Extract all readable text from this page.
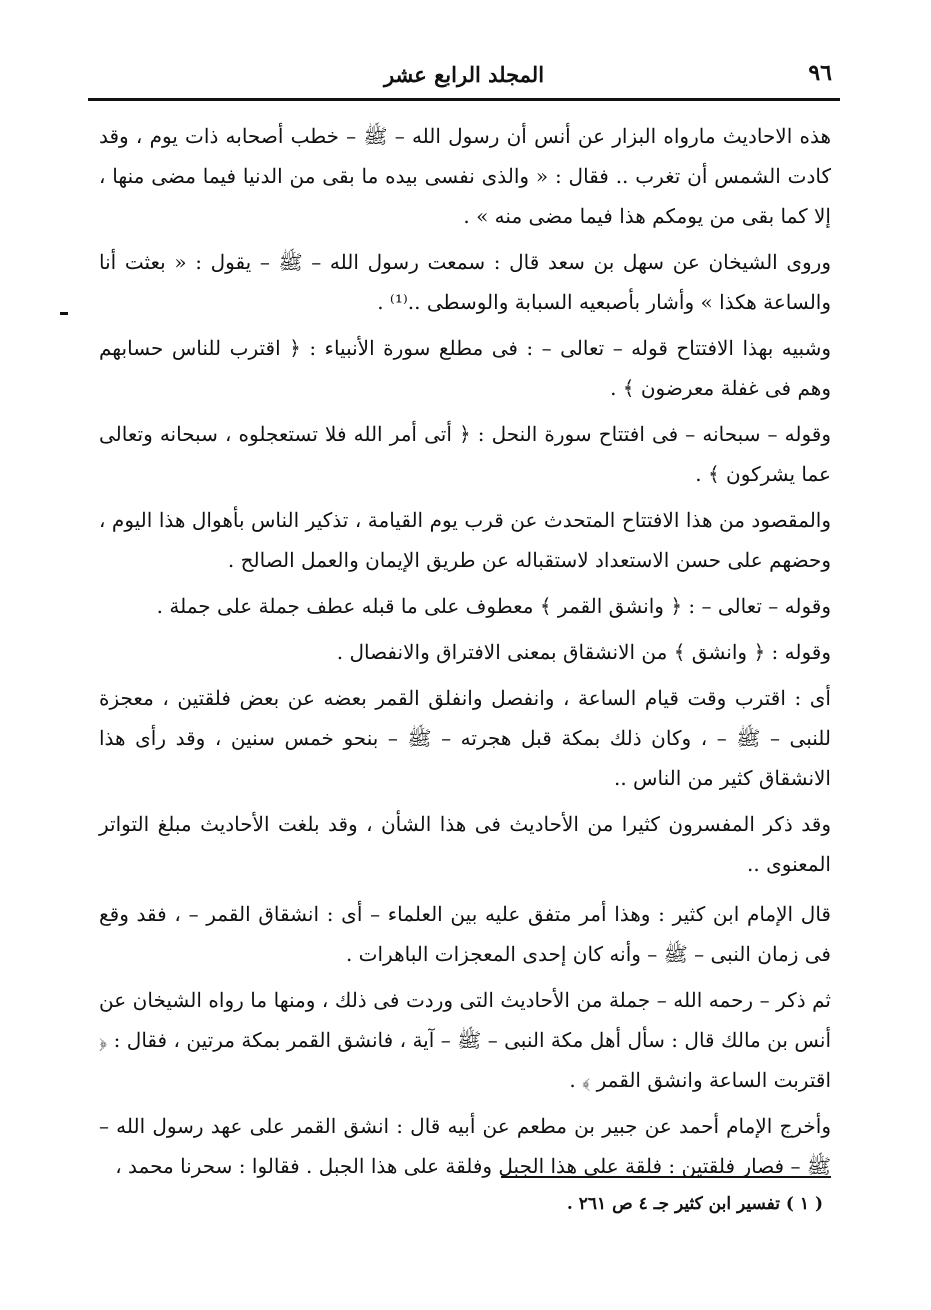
٩٦
المجلد الرابع عشر

هذه الاحاديث مارواه البزار عن أنس أن رسول الله – ﷺ – خطب أصحابه ذات يوم ، وقد كادت الشمس أن تغرب .. فقال : « والذى نفسى بيده ما بقى من الدنيا فيما مضى منها ، إلا كما بقى من يومكم هذا فيما مضى منه » .

وروى الشيخان عن سهل بن سعد قال : سمعت رسول الله – ﷺ – يقول : « بعثت أنا والساعة هكذا » وأشار بأصبعيه السبابة والوسطى ..⁽¹⁾ .

وشبيه بهذا الافتتاح قوله – تعالى – : فى مطلع سورة الأنبياء : ﴿ اقترب للناس حسابهم وهم فى غفلة معرضون ﴾ .

وقوله – سبحانه – فى افتتاح سورة النحل : ﴿ أتى أمر الله فلا تستعجلوه ، سبحانه وتعالى عما يشركون ﴾ .

والمقصود من هذا الافتتاح المتحدث عن قرب يوم القيامة ، تذكير الناس بأهوال هذا اليوم ، وحضهم على حسن الاستعداد لاستقباله عن طريق الإيمان والعمل الصالح .

وقوله – تعالى – : ﴿ وانشق القمر ﴾ معطوف على ما قبله عطف جملة على جملة .

وقوله : ﴿ وانشق ﴾ من الانشقاق بمعنى الافتراق والانفصال .

أى : اقترب وقت قيام الساعة ، وانفصل وانفلق القمر بعضه عن بعض فلقتين ، معجزة للنبى – ﷺ – ، وكان ذلك بمكة قبل هجرته – ﷺ – بنحو خمس سنين ، وقد رأى هذا الانشقاق كثير من الناس ..

وقد ذكر المفسرون كثيرا من الأحاديث فى هذا الشأن ، وقد بلغت الأحاديث مبلغ التواتر المعنوى ..

قال الإمام ابن كثير : وهذا أمر متفق عليه بين العلماء – أى : انشقاق القمر – ، فقد وقع فى زمان النبى – ﷺ – وأنه كان إحدى المعجزات الباهرات .

ثم ذكر – رحمه الله – جملة من الأحاديث التى وردت فى ذلك ، ومنها ما رواه الشيخان عن أنس بن مالك قال : سأل أهل مكة النبى – ﷺ – آية ، فانشق القمر بمكة مرتين ، فقال : ﴿ اقتربت الساعة وانشق القمر ﴾ .

وأخرج الإمام أحمد عن جبير بن مطعم عن أبيه قال : انشق القمر على عهد رسول الله – ﷺ – فصار فلقتين : فلقة على هذا الجبل وفلقة على هذا الجبل . فقالوا : سحرنا محمد ،

( ١ ) تفسير ابن كثير جـ ٤ ص ٢٦١ .
